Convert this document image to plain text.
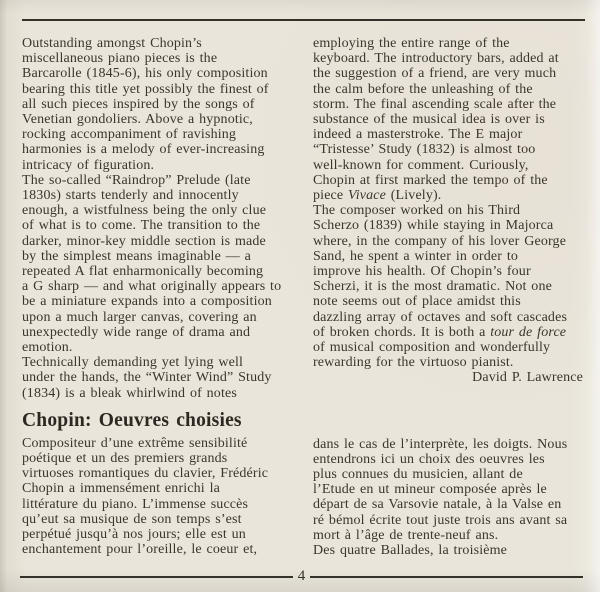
Outstanding amongst Chopin’s
miscellaneous piano pieces is the
Barcarolle (1845-6), his only composition
bearing this title yet possibly the finest of
all such pieces inspired by the songs of
Venetian gondoliers. Above a hypnotic,
rocking accompaniment of ravishing
harmonies is a melody of ever-increasing
intricacy of figuration.
The so-called “Raindrop” Prelude (late
1830s) starts tenderly and innocently
enough, a wistfulness being the only clue
of what is to come. The transition to the
darker, minor-key middle section is made
by the simplest means imaginable — a
repeated A flat enharmonically becoming
a G sharp — and what originally appears to
be a miniature expands into a composition
upon a much larger canvas, covering an
unexpectedly wide range of drama and
emotion.
Technically demanding yet lying well
under the hands, the “Winter Wind” Study
(1834) is a bleak whirlwind of notes
Chopin: Oeuvres choisies
Compositeur d’une extrême sensibilité
poétique et un des premiers grands
virtuoses romantiques du clavier, Frédéric
Chopin a immensément enrichi la
littérature du piano. L’immense succès
qu’eut sa musique de son temps s’est
perpétué jusqu’à nos jours; elle est un
enchantement pour l’oreille, le coeur et,
employing the entire range of the
keyboard. The introductory bars, added at
the suggestion of a friend, are very much
the calm before the unleashing of the
storm. The final ascending scale after the
substance of the musical idea is over is
indeed a masterstroke. The E major
“Tristesse’ Study (1832) is almost too
well-known for comment. Curiously,
Chopin at first marked the tempo of the
piece Vivace (Lively).
The composer worked on his Third
Scherzo (1839) while staying in Majorca
where, in the company of his lover George
Sand, he spent a winter in order to
improve his health. Of Chopin’s four
Scherzi, it is the most dramatic. Not one
note seems out of place amidst this
dazzling array of octaves and soft cascades
of broken chords. It is both a tour de force
of musical composition and wonderfully
rewarding for the virtuoso pianist.
David P. Lawrence
dans le cas de l’interprète, les doigts. Nous
entendrons ici un choix des oeuvres les
plus connues du musicien, allant de
l’Etude en ut mineur composée après le
départ de sa Varsovie natale, à la Valse en
ré bémol écrite tout juste trois ans avant sa
mort à l’âge de trente-neuf ans.
Des quatre Ballades, la troisième
4
